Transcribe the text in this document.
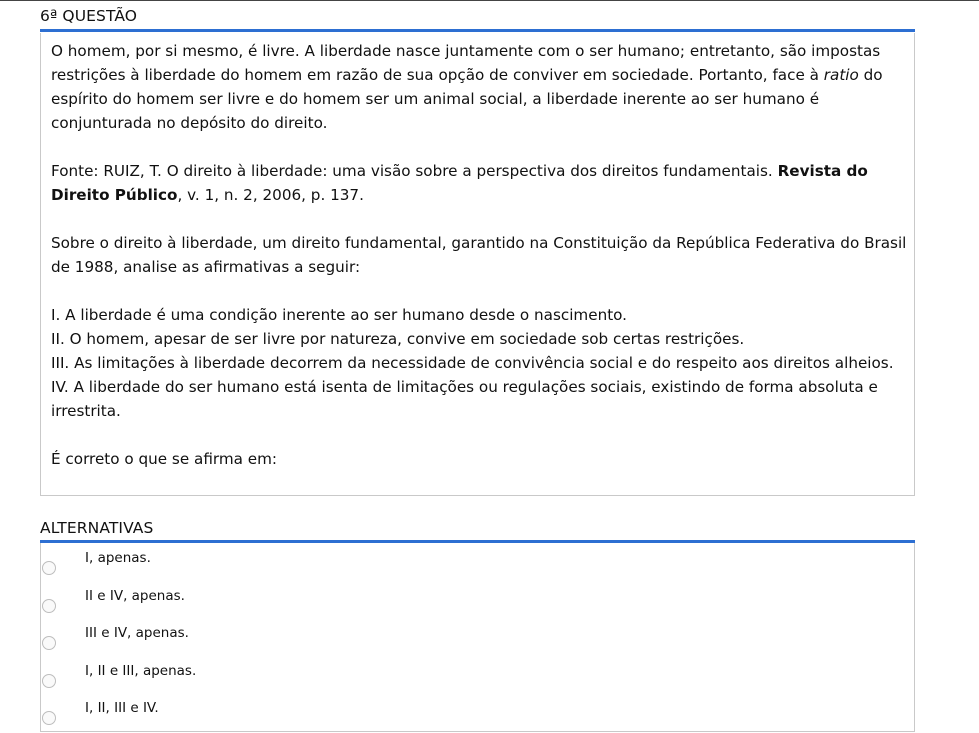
6ª QUESTÃO

O homem, por si mesmo, é livre. A liberdade nasce juntamente com o ser humano; entretanto, são impostas restrições à liberdade do homem em razão de sua opção de conviver em sociedade. Portanto, face à ratio do espírito do homem ser livre e do homem ser um animal social, a liberdade inerente ao ser humano é conjunturada no depósito do direito.

Fonte: RUIZ, T. O direito à liberdade: uma visão sobre a perspectiva dos direitos fundamentais. Revista do Direito Público, v. 1, n. 2, 2006, p. 137.

Sobre o direito à liberdade, um direito fundamental, garantido na Constituição da República Federativa do Brasil de 1988, analise as afirmativas a seguir:

I. A liberdade é uma condição inerente ao ser humano desde o nascimento.

II. O homem, apesar de ser livre por natureza, convive em sociedade sob certas restrições.

III. As limitações à liberdade decorrem da necessidade de convivência social e do respeito aos direitos alheios.

IV. A liberdade do ser humano está isenta de limitações ou regulações sociais, existindo de forma absoluta e irrestrita.

É correto o que se afirma em:

ALTERNATIVAS
I, apenas.
II e IV, apenas.
III e IV, apenas.
I, II e III, apenas.
I, II, III e IV.
